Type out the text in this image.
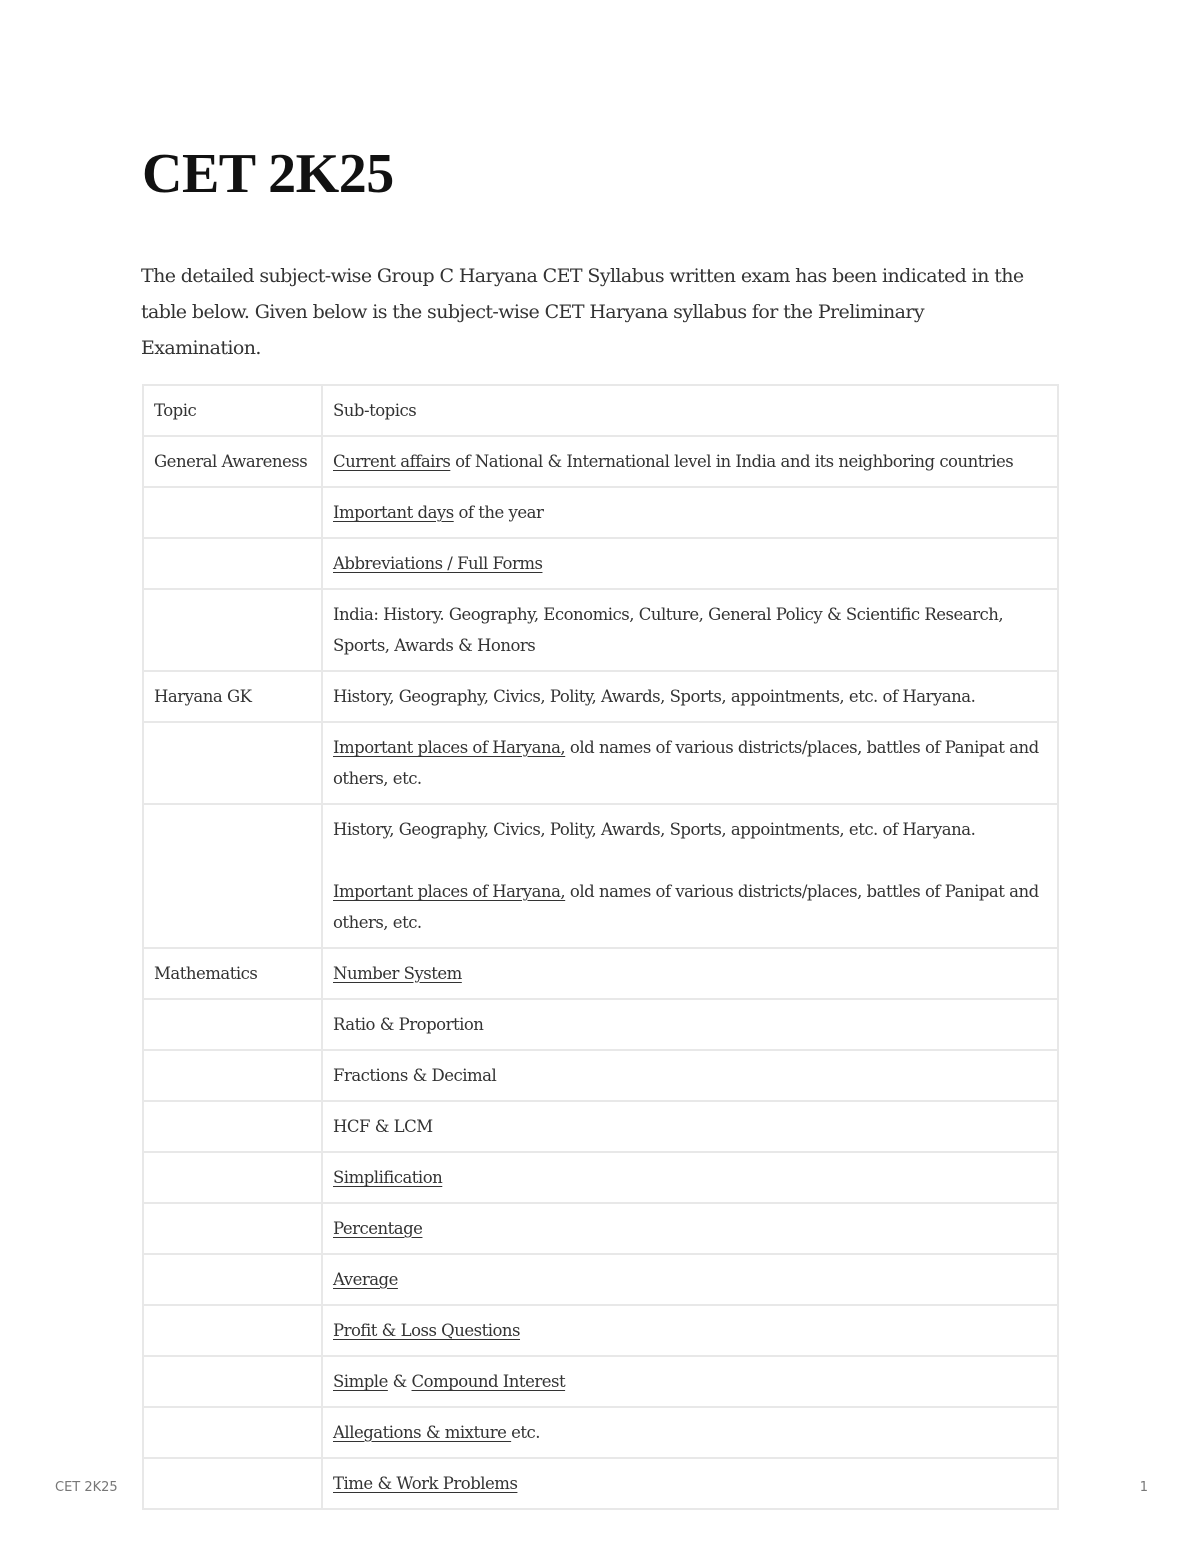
CET 2K25

The detailed subject-wise Group C Haryana CET Syllabus written exam has been indicated in the table below. Given below is the subject-wise CET Haryana syllabus for the Preliminary Examination.

Topic	Sub-topics
General Awareness	Current affairs of National & International level in India and its neighboring countries

	Important days of the year

	Abbreviations / Full Forms

	India: History. Geography, Economics, Culture, General Policy & Scientific Research, Sports, Awards & Honors

Haryana GK	History, Geography, Civics, Polity, Awards, Sports, appointments, etc. of Haryana.

	Important places of Haryana, old names of various districts/places, battles of Panipat and others, etc.

	History, Geography, Civics, Polity, Awards, Sports, appointments, etc. of Haryana.
Important places of Haryana, old names of various districts/places, battles of Panipat and others, etc.

Mathematics	Number System

	Ratio & Proportion

	Fractions & Decimal

	HCF & LCM

	Simplification

	Percentage

	Average

	Profit & Loss Questions

	Simple & Compound Interest

	Allegations & mixture etc.

	Time & Work Problems
CET 2K25	1
